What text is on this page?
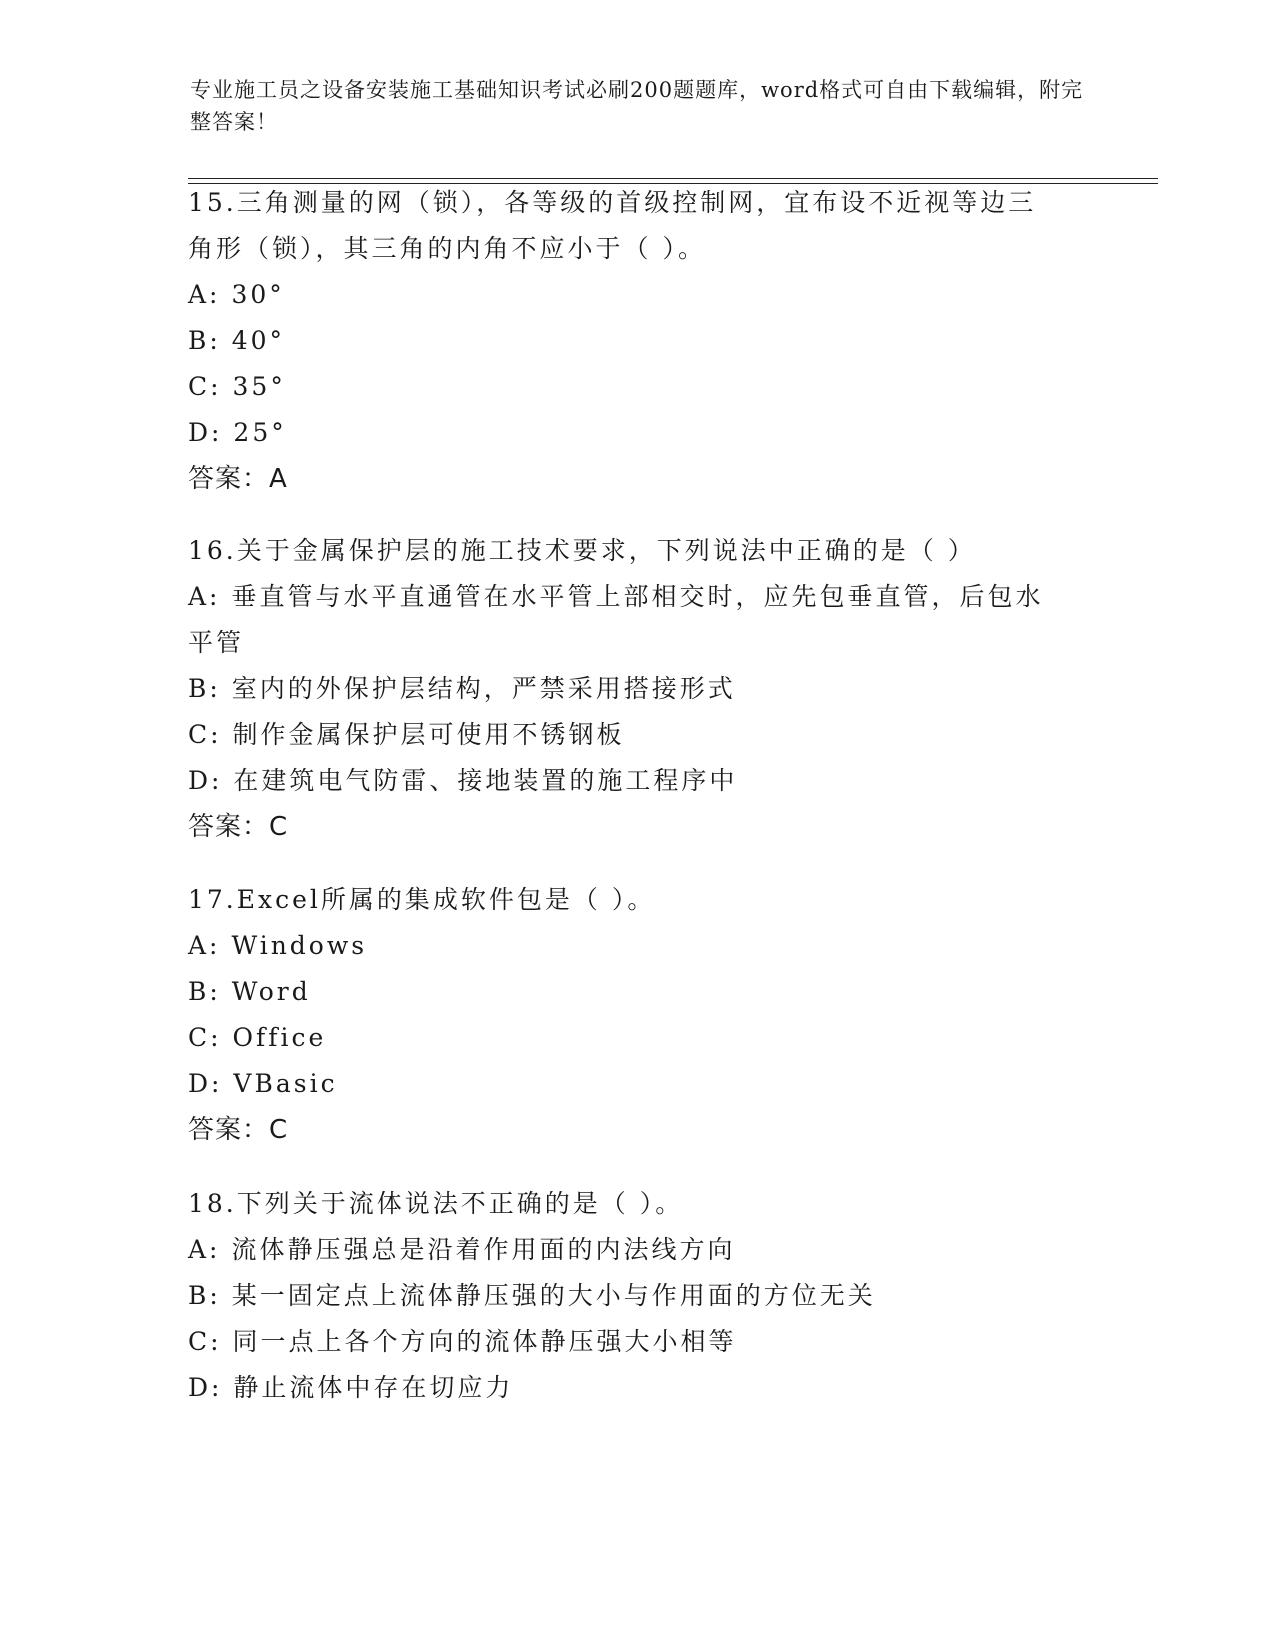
专业施工员之设备安装施工基础知识考试必刷200题题库，word格式可自由下载编辑，附完整答案！

15.三角测量的网（锁），各等级的首级控制网，宜布设不近视等边三角形（锁），其三角的内角不应小于（ ）。

A: 30°

B: 40°

C: 35°

D: 25°

答案：A

16.关于金属保护层的施工技术要求，下列说法中正确的是（ ）

A: 垂直管与水平直通管在水平管上部相交时，应先包垂直管，后包水平管

B: 室内的外保护层结构，严禁采用搭接形式

C: 制作金属保护层可使用不锈钢板

D: 在建筑电气防雷、接地装置的施工程序中

答案：C

17.Excel所属的集成软件包是（ ）。

A: Windows

B: Word

C: Office

D: VBasic

答案：C

18.下列关于流体说法不正确的是（ ）。

A: 流体静压强总是沿着作用面的内法线方向

B: 某一固定点上流体静压强的大小与作用面的方位无关

C: 同一点上各个方向的流体静压强大小相等

D: 静止流体中存在切应力
